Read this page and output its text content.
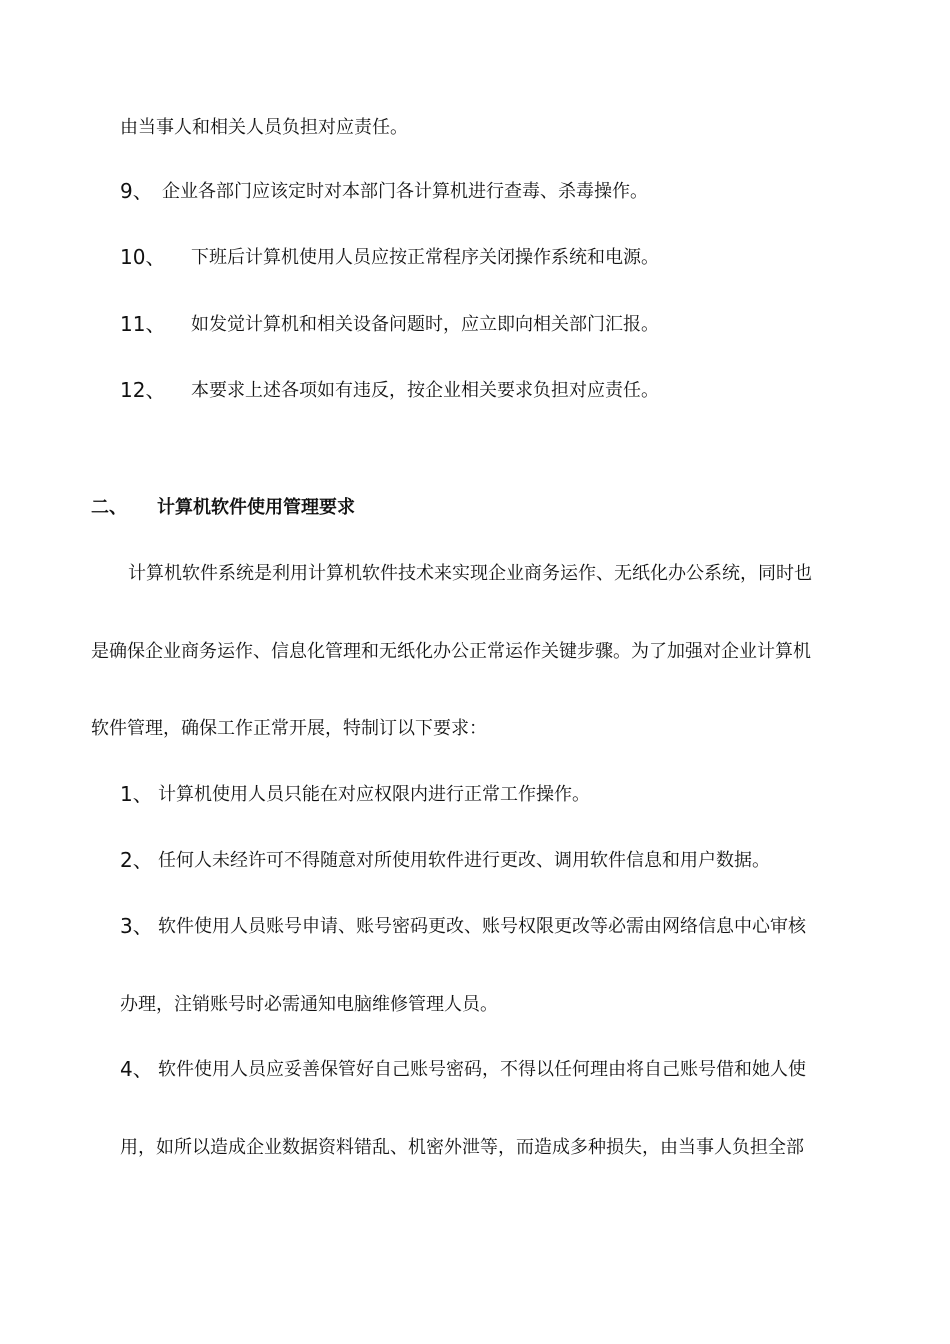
由当事人和相关人员负担对应责任。
9、 企业各部门应该定时对本部门各计算机进行查毒、杀毒操作。
10、 下班后计算机使用人员应按正常程序关闭操作系统和电源。
11、 如发觉计算机和相关设备问题时，应立即向相关部门汇报。
12、 本要求上述各项如有违反，按企业相关要求负担对应责任。
二、 计算机软件使用管理要求
计算机软件系统是利用计算机软件技术来实现企业商务运作、无纸化办公系统，同时也
是确保企业商务运作、信息化管理和无纸化办公正常运作关键步骤。为了加强对企业计算机
软件管理，确保工作正常开展，特制订以下要求：
1、 计算机使用人员只能在对应权限内进行正常工作操作。
2、 任何人未经许可不得随意对所使用软件进行更改、调用软件信息和用户数据。
3、 软件使用人员账号申请、账号密码更改、账号权限更改等必需由网络信息中心审核
办理，注销账号时必需通知电脑维修管理人员。
4、 软件使用人员应妥善保管好自己账号密码，不得以任何理由将自己账号借和她人使
用，如所以造成企业数据资料错乱、机密外泄等，而造成多种损失，由当事人负担全部
